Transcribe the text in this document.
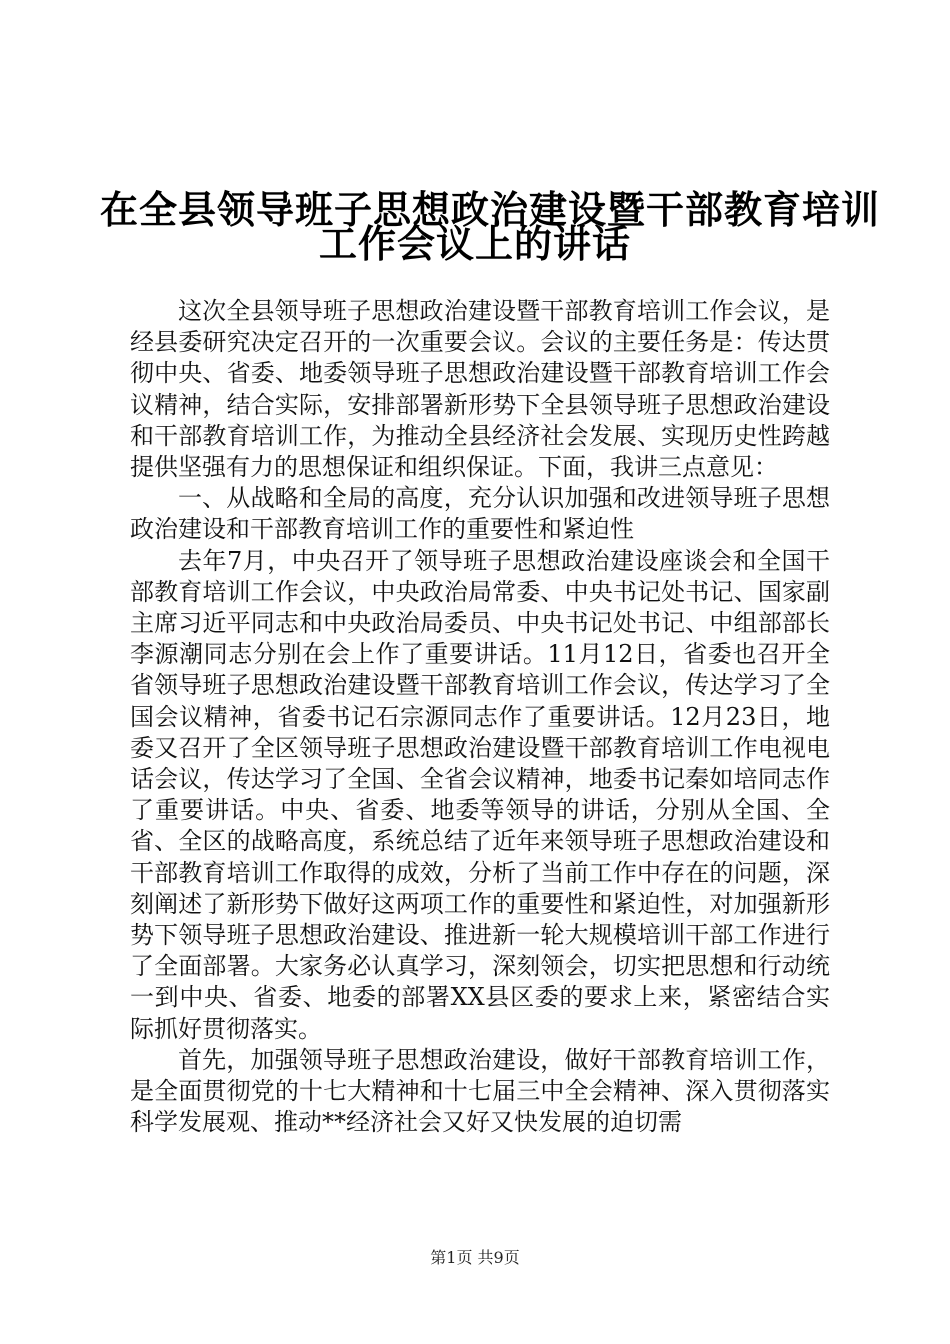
在全县领导班子思想政治建设暨干部教育培训
工作会议上的讲话

这次全县领导班子思想政治建设暨干部教育培训工作会议，是经县委研究决定召开的一次重要会议。会议的主要任务是：传达贯彻中央、省委、地委领导班子思想政治建设暨干部教育培训工作会议精神，结合实际，安排部署新形势下全县领导班子思想政治建设和干部教育培训工作，为推动全县经济社会发展、实现历史性跨越提供坚强有力的思想保证和组织保证。下面，我讲三点意见：

一、从战略和全局的高度，充分认识加强和改进领导班子思想政治建设和干部教育培训工作的重要性和紧迫性

去年7月，中央召开了领导班子思想政治建设座谈会和全国干部教育培训工作会议，中央政治局常委、中央书记处书记、国家副主席习近平同志和中央政治局委员、中央书记处书记、中组部部长李源潮同志分别在会上作了重要讲话。11月12日，省委也召开全省领导班子思想政治建设暨干部教育培训工作会议，传达学习了全国会议精神，省委书记石宗源同志作了重要讲话。12月23日，地委又召开了全区领导班子思想政治建设暨干部教育培训工作电视电话会议，传达学习了全国、全省会议精神，地委书记秦如培同志作了重要讲话。中央、省委、地委等领导的讲话，分别从全国、全省、全区的战略高度，系统总结了近年来领导班子思想政治建设和干部教育培训工作取得的成效，分析了当前工作中存在的问题，深刻阐述了新形势下做好这两项工作的重要性和紧迫性，对加强新形势下领导班子思想政治建设、推进新一轮大规模培训干部工作进行了全面部署。大家务必认真学习，深刻领会，切实把思想和行动统一到中央、省委、地委的部署XX县区委的要求上来，紧密结合实际抓好贯彻落实。

首先，加强领导班子思想政治建设，做好干部教育培训工作，是全面贯彻党的十七大精神和十七届三中全会精神、深入贯彻落实科学发展观、推动**经济社会又好又快发展的迫切需

第1页 共9页
